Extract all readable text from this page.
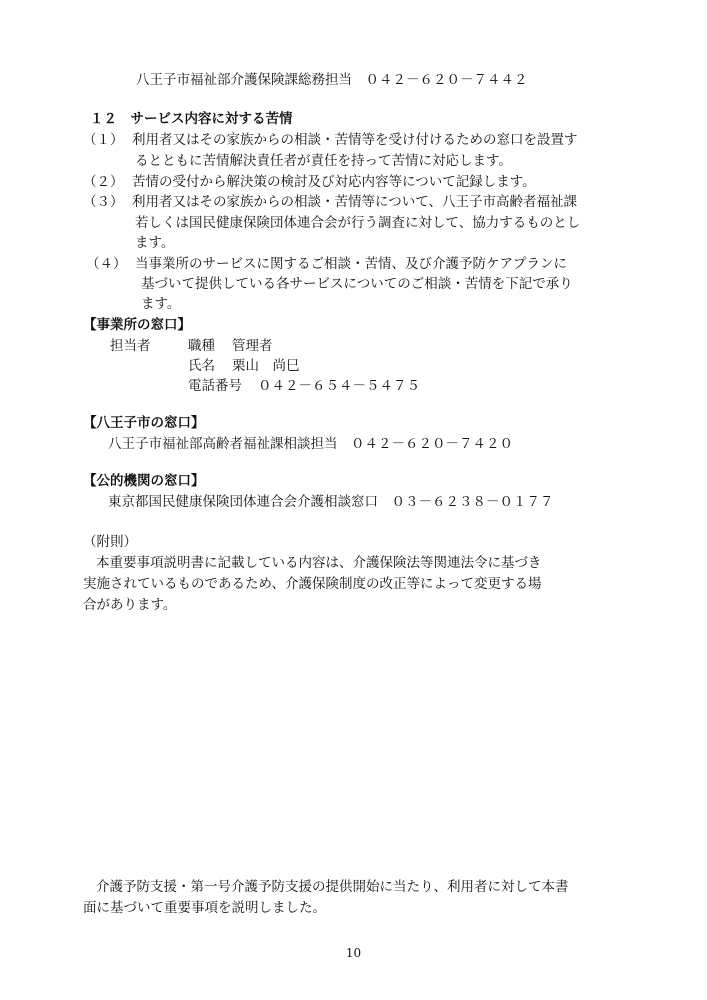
八王子市福祉部介護保険課総務担当　０４２－６２０－７４４２
１２　サービス内容に対する苦情
（１） 利用者又はその家族からの相談・苦情等を受け付けるための窓口を設置す
るとともに苦情解決責任者が責任を持って苦情に対応します。
（２） 苦情の受付から解決策の検討及び対応内容等について記録します。
（３） 利用者又はその家族からの相談・苦情等について、八王子市高齢者福祉課
若しくは国民健康保険団体連合会が行う調査に対して、協力するものとし
ます。
（４） 当事業所のサービスに関するご相談・苦情、及び介護予防ケアプランに
基づいて提供している各サービスについてのご相談・苦情を下記で承り
ます。
【事業所の窓口】
担当者	職種 管理者
氏名 栗山　尚巳
電話番号 ０４２－６５４－５４７５
【八王子市の窓口】
八王子市福祉部高齢者福祉課相談担当　０４２－６２０－７４２０
【公的機関の窓口】
東京都国民健康保険団体連合会介護相談窓口　０３－６２３８－０１７７
（附則）
本重要事項説明書に記載している内容は、介護保険法等関連法令に基づき
実施されているものであるため、介護保険制度の改正等によって変更する場
合があります。
介護予防支援・第一号介護予防支援の提供開始に当たり、利用者に対して本書
面に基づいて重要事項を説明しました。
10
